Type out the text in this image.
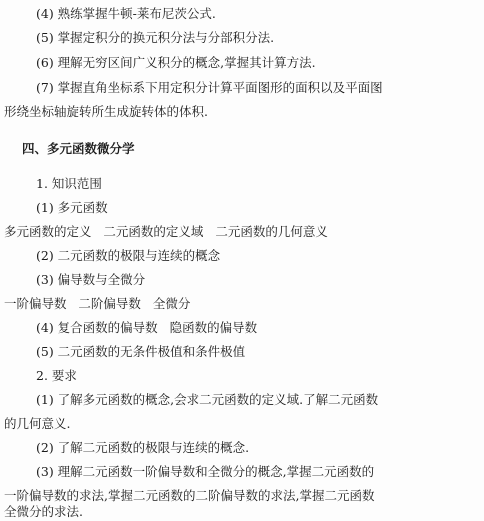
(4) 熟练掌握牛顿-莱布尼茨公式.
(5) 掌握定积分的换元积分法与分部积分法.
(6) 理解无穷区间广义积分的概念,掌握其计算方法.
(7) 掌握直角坐标系下用定积分计算平面图形的面积以及平面图
形绕坐标轴旋转所生成旋转体的体积.
四、多元函数微分学
1. 知识范围
(1) 多元函数
多元函数的定义   二元函数的定义域   二元函数的几何意义
(2) 二元函数的极限与连续的概念
(3) 偏导数与全微分
一阶偏导数   二阶偏导数   全微分
(4) 复合函数的偏导数   隐函数的偏导数
(5) 二元函数的无条件极值和条件极值
2. 要求
(1) 了解多元函数的概念,会求二元函数的定义域.了解二元函数
的几何意义.
(2) 了解二元函数的极限与连续的概念.
(3) 理解二元函数一阶偏导数和全微分的概念,掌握二元函数的
一阶偏导数的求法,掌握二元函数的二阶偏导数的求法,掌握二元函数
全微分的求法.
